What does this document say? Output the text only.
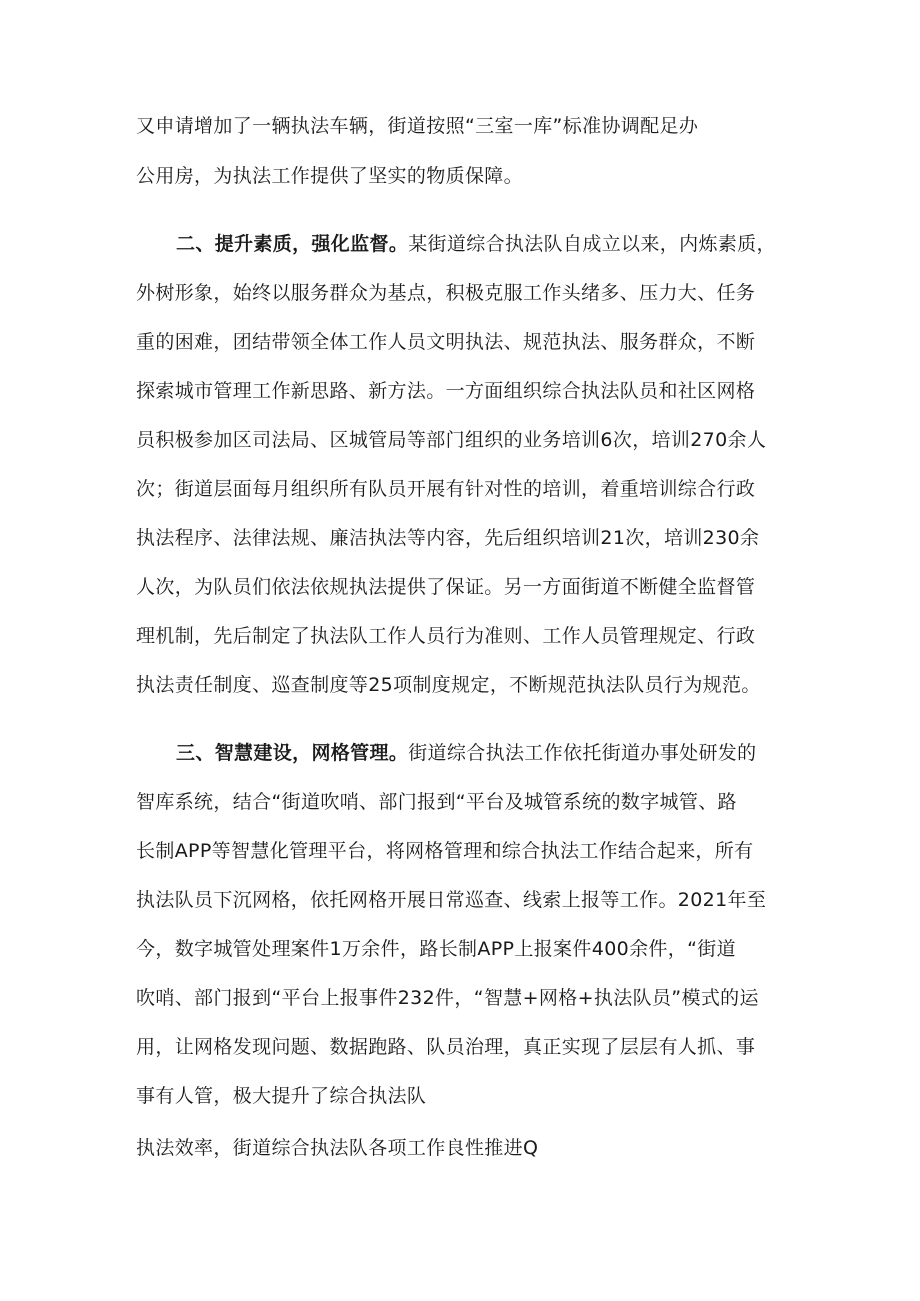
又申请增加了一辆执法车辆，街道按照“三室一库”标准协调配足办
公用房，为执法工作提供了坚实的物质保障。
二、提升素质，强化监督。某街道综合执法队自成立以来，内炼素质，
外树形象，始终以服务群众为基点，积极克服工作头绪多、压力大、任务
重的困难，团结带领全体工作人员文明执法、规范执法、服务群众，不断
探索城市管理工作新思路、新方法。一方面组织综合执法队员和社区网格
员积极参加区司法局、区城管局等部门组织的业务培训6次，培训270余人
次；街道层面每月组织所有队员开展有针对性的培训，着重培训综合行政
执法程序、法律法规、廉洁执法等内容，先后组织培训21次，培训230余
人次，为队员们依法依规执法提供了保证。另一方面街道不断健全监督管
理机制，先后制定了执法队工作人员行为准则、工作人员管理规定、行政
执法责任制度、巡查制度等25项制度规定，不断规范执法队员行为规范。
三、智慧建设，网格管理。街道综合执法工作依托街道办事处研发的
智库系统，结合“街道吹哨、部门报到“平台及城管系统的数字城管、路
长制APP等智慧化管理平台，将网格管理和综合执法工作结合起来，所有
执法队员下沉网格，依托网格开展日常巡查、线索上报等工作。2021年至
今，数字城管处理案件1万余件，路长制APP上报案件400余件，“街道
吹哨、部门报到“平台上报事件232件，“智慧+网格+执法队员”模式的运
用，让网格发现问题、数据跑路、队员治理，真正实现了层层有人抓、事
事有人管，极大提升了综合执法队
执法效率，街道综合执法队各项工作良性推进Q
